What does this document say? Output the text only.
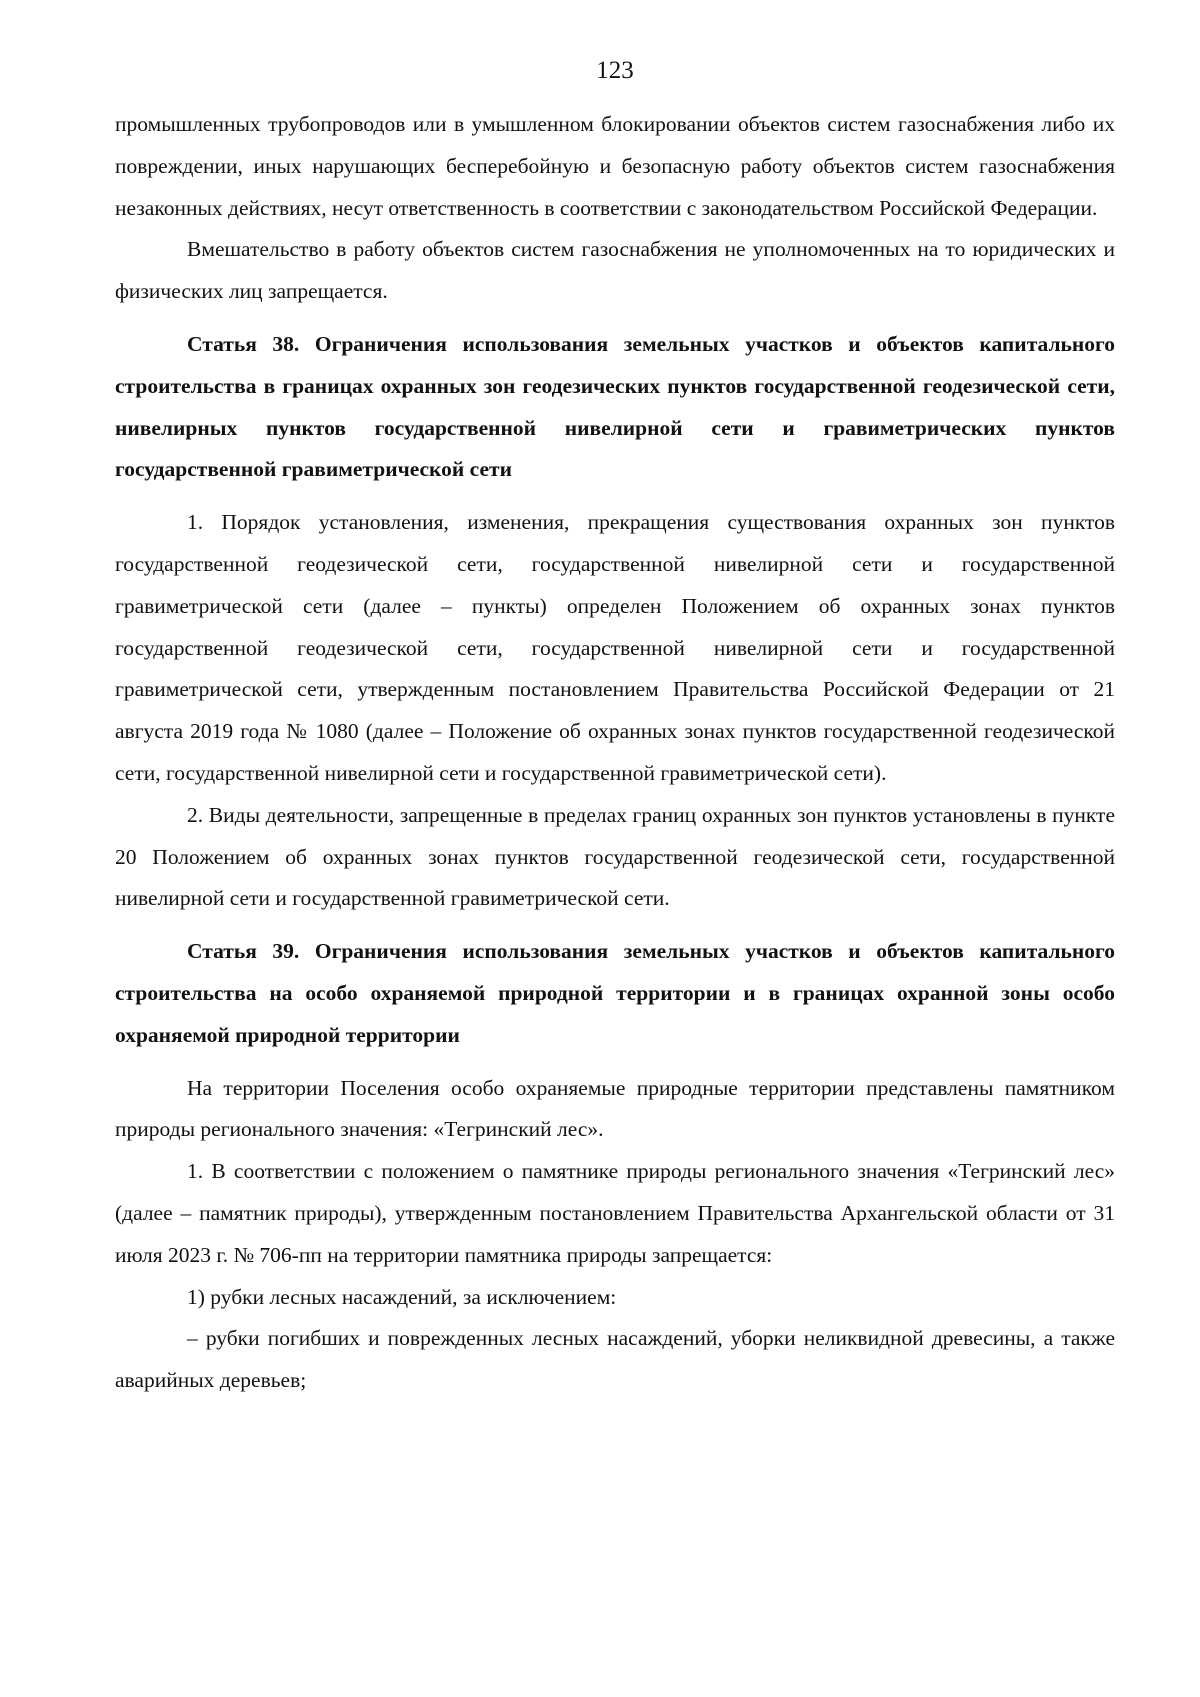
123

промышленных трубопроводов или в умышленном блокировании объектов систем газоснабжения либо их повреждении, иных нарушающих бесперебойную и безопасную работу объектов систем газоснабжения незаконных действиях, несут ответственность в соответствии с законодательством Российской Федерации.

Вмешательство в работу объектов систем газоснабжения не уполномоченных на то юридических и физических лиц запрещается.

Статья 38. Ограничения использования земельных участков и объектов капитального строительства в границах охранных зон геодезических пунктов государственной геодезической сети, нивелирных пунктов государственной нивелирной сети и гравиметрических пунктов государственной гравиметрической сети

1. Порядок установления, изменения, прекращения существования охранных зон пунктов государственной геодезической сети, государственной нивелирной сети и государственной гравиметрической сети (далее – пункты) определен Положением об охранных зонах пунктов государственной геодезической сети, государственной нивелирной сети и государственной гравиметрической сети, утвержденным постановлением Правительства Российской Федерации от 21 августа 2019 года № 1080 (далее – Положение об охранных зонах пунктов государственной геодезической сети, государственной нивелирной сети и государственной гравиметрической сети).

2. Виды деятельности, запрещенные в пределах границ охранных зон пунктов установлены в пункте 20 Положением об охранных зонах пунктов государственной геодезической сети, государственной нивелирной сети и государственной гравиметрической сети.

Статья 39. Ограничения использования земельных участков и объектов капитального строительства на особо охраняемой природной территории и в границах охранной зоны особо охраняемой природной территории

На территории Поселения особо охраняемые природные территории представлены памятником природы регионального значения: «Тегринский лес».

1. В соответствии с положением о памятнике природы регионального значения «Тегринский лес» (далее – памятник природы), утвержденным постановлением Правительства Архангельской области от 31 июля 2023 г. № 706-пп на территории памятника природы запрещается:

1) рубки лесных насаждений, за исключением:

– рубки погибших и поврежденных лесных насаждений, уборки неликвидной древесины, а также аварийных деревьев;
